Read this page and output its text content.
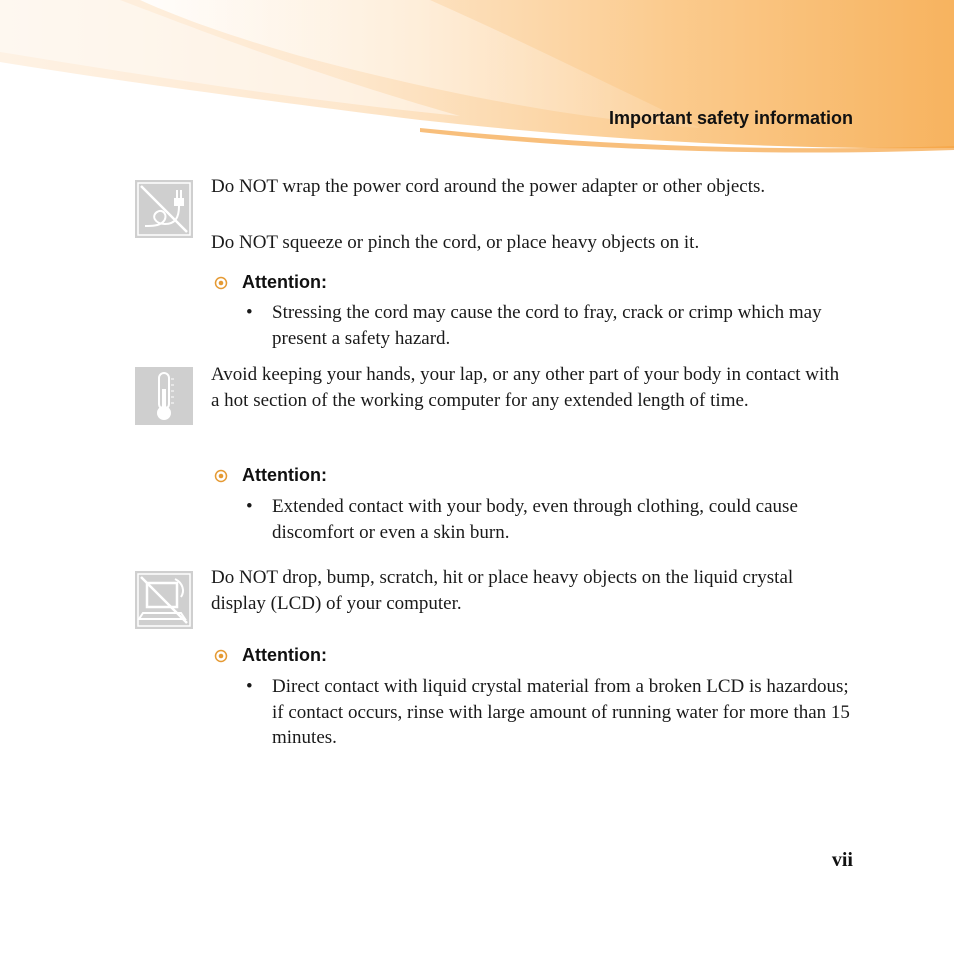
Important safety information

Do NOT wrap the power cord around the power adapter or other objects.

Do NOT squeeze or pinch the cord, or place heavy objects on it.

Attention:
•	Stressing the cord may cause the cord to fray, crack or crimp which may present a safety hazard.

Avoid keeping your hands, your lap, or any other part of your body in contact with a hot section of the working computer for any extended length of time.

Attention:
•	Extended contact with your body, even through clothing, could cause discomfort or even a skin burn.

Do NOT drop, bump, scratch, hit or place heavy objects on the liquid crystal display (LCD) of your computer.

Attention:
•	Direct contact with liquid crystal material from a broken LCD is hazardous; if contact occurs, rinse with large amount of running water for more than 15 minutes.
vii
